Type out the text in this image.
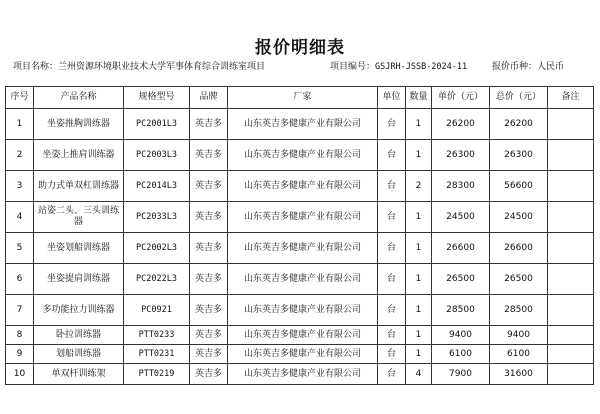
报价明细表
项目名称：兰州资源环境职业技术大学军事体育综合训练室项目	项目编号：GSJRH-JSSB-2024-11	报价币种：人民币
序号	产品名称	规格型号	品牌	厂家	单位	数量	单价（元）	总价（元）	备注
1	坐姿推胸训练器	PC2001L3	英吉多	山东英吉多健康产业有限公司	台	1	26200	26200	
2	坐姿上推肩训练器	PC2003L3	英吉多	山东英吉多健康产业有限公司	台	1	26300	26300	
3	助力式单双杠训练器	PC2014L3	英吉多	山东英吉多健康产业有限公司	台	2	28300	56600	
4	站姿二头、三头训练器	PC2033L3	英吉多	山东英吉多健康产业有限公司	台	1	24500	24500	
5	坐姿划船训练器	PC2002L3	英吉多	山东英吉多健康产业有限公司	台	1	26600	26600	
6	坐姿提肩训练器	PC2022L3	英吉多	山东英吉多健康产业有限公司	台	1	26500	26500	
7	多功能拉力训练器	PC0921	英吉多	山东英吉多健康产业有限公司	台	1	28500	28500	
8	卧拉训练器	PTT0233	英吉多	山东英吉多健康产业有限公司	台	1	9400	9400	
9	划船训练器	PTT0231	英吉多	山东英吉多健康产业有限公司	台	1	6100	6100	
10	单双杆训练架	PTT0219	英吉多	山东英吉多健康产业有限公司	台	4	7900	31600	
